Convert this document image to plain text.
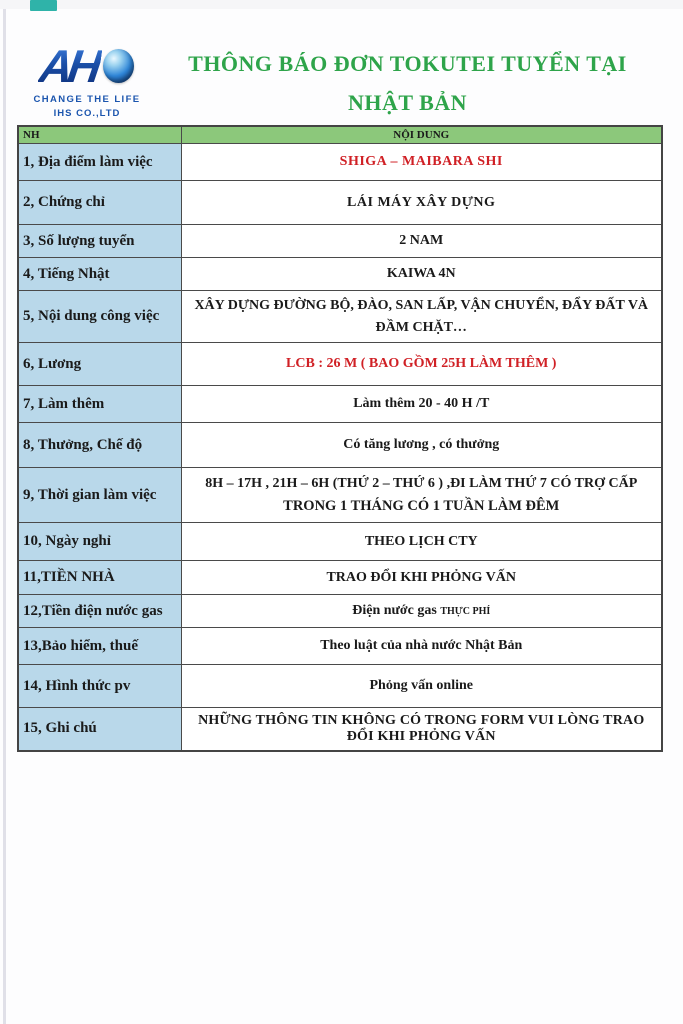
AH
CHANGE THE LIFE
IHS CO.,LTD
THÔNG BÁO ĐƠN TOKUTEI TUYỂN TẠI
NHẬT BẢN
NH	NỘI DUNG
1, Địa điểm làm việc	SHIGA – MAIBARA SHI
2, Chứng chỉ	LÁI MÁY XÂY DỰNG
3, Số lượng tuyển	2 NAM
4, Tiếng Nhật	KAIWA 4N
5, Nội dung công việc	XÂY DỰNG ĐƯỜNG BỘ, ĐÀO, SAN LẤP, VẬN CHUYỂN, ĐẨY ĐẤT VÀ
ĐẦM CHẶT…

6, Lương	LCB : 26 M ( BAO GỒM 25H LÀM THÊM )
7, Làm thêm	Làm thêm 20 - 40 H /T
8, Thưởng, Chế độ	Có tăng lương , có thưởng
9, Thời gian làm việc	8H – 17H , 21H – 6H (THỨ 2 – THỨ 6 ) ,ĐI LÀM THỨ 7 CÓ TRỢ CẤP
TRONG 1 THÁNG CÓ 1 TUẦN LÀM ĐÊM

10, Ngày nghỉ	THEO LỊCH CTY
11,TIỀN NHÀ	TRAO ĐỔI KHI PHỎNG VẤN
12,Tiền điện nước gas	Điện nước gas THỰC PHÍ
13,Bảo hiểm, thuế	Theo luật của nhà nước Nhật Bản
14, Hình thức pv	Phỏng vấn online
15, Ghi chú	NHỮNG THÔNG TIN KHÔNG CÓ TRONG FORM VUI LÒNG TRAO ĐỔI KHI PHỎNG VẤN
